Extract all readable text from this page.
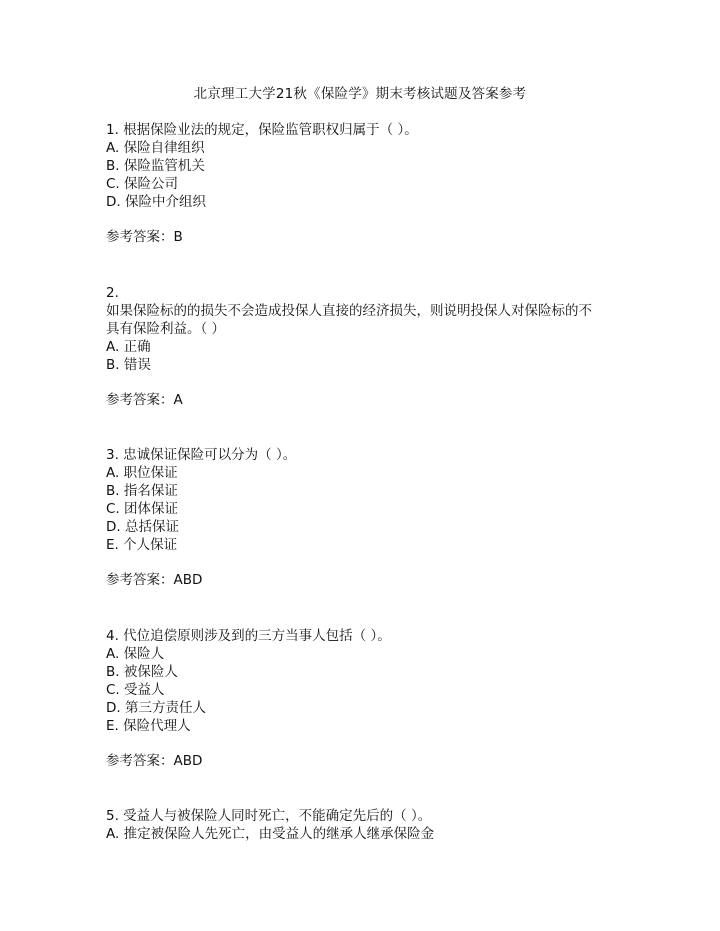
北京理工大学21秋《保险学》期末考核试题及答案参考

1. 根据保险业法的规定，保险监管职权归属于（ ）。

A. 保险自律组织

B. 保险监管机关

C. 保险公司

D. 保险中介组织

参考答案：B

2.

如果保险标的的损失不会造成投保人直接的经济损失，则说明投保人对保险标的不

具有保险利益。（ ）

A. 正确

B. 错误

参考答案：A

3. 忠诚保证保险可以分为（ ）。

A. 职位保证

B. 指名保证

C. 团体保证

D. 总括保证

E. 个人保证

参考答案：ABD

4. 代位追偿原则涉及到的三方当事人包括（ ）。

A. 保险人

B. 被保险人

C. 受益人

D. 第三方责任人

E. 保险代理人

参考答案：ABD

5. 受益人与被保险人同时死亡，不能确定先后的（ ）。

A. 推定被保险人先死亡，由受益人的继承人继承保险金
